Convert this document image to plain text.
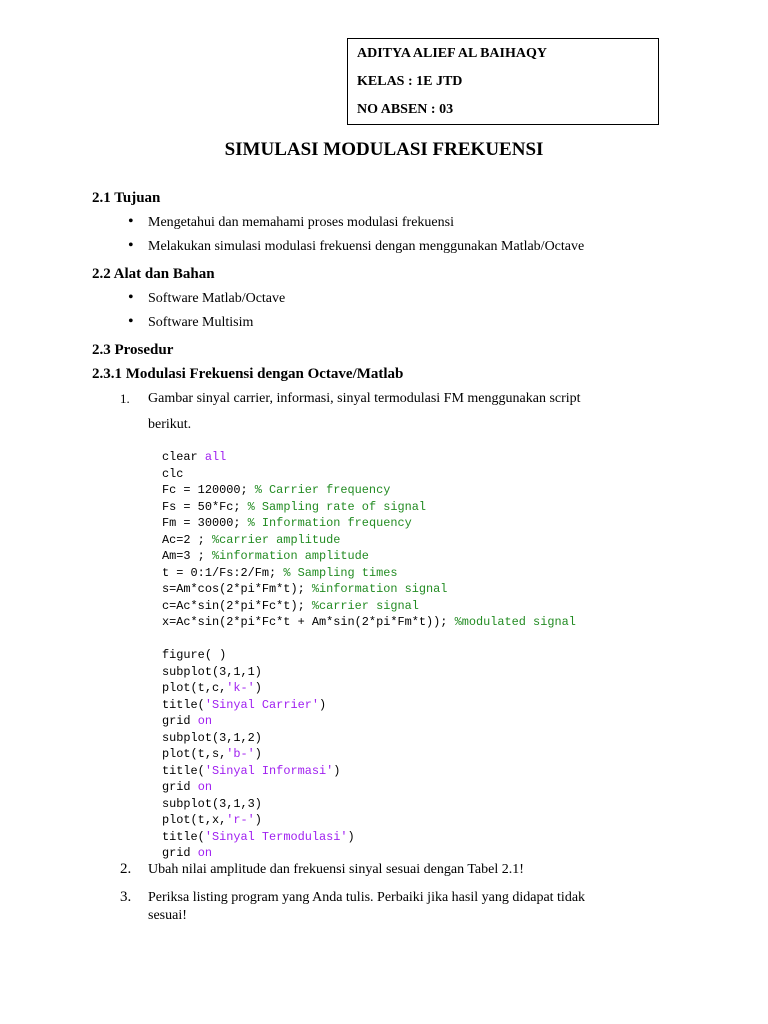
ADITYA ALIEF AL BAIHAQY
KELAS : 1E JTD
NO ABSEN : 03
SIMULASI MODULASI FREKUENSI
2.1 Tujuan
• Mengetahui dan memahami proses modulasi frekuensi
• Melakukan simulasi modulasi frekuensi dengan menggunakan Matlab/Octave
2.2 Alat dan Bahan
• Software Matlab/Octave
• Software Multisim
2.3 Prosedur
2.3.1 Modulasi Frekuensi dengan Octave/Matlab
1. Gambar sinyal carrier, informasi, sinyal termodulasi FM menggunakan script
berikut.
clear all
clc
Fc = 120000; % Carrier frequency
Fs = 50*Fc; % Sampling rate of signal
Fm = 30000; % Information frequency
Ac=2 ; %carrier amplitude
Am=3 ; %information amplitude
t = 0:1/Fs:2/Fm; % Sampling times
s=Am*cos(2*pi*Fm*t); %information signal
c=Ac*sin(2*pi*Fc*t); %carrier signal
x=Ac*sin(2*pi*Fc*t + Am*sin(2*pi*Fm*t)); %modulated signal

figure( )
subplot(3,1,1)
plot(t,c,'k-')
title('Sinyal Carrier')
grid on
subplot(3,1,2)
plot(t,s,'b-')
title('Sinyal Informasi')
grid on
subplot(3,1,3)
plot(t,x,'r-')
title('Sinyal Termodulasi')
grid on
2. Ubah nilai amplitude dan frekuensi sinyal sesuai dengan Tabel 2.1!
3. Periksa listing program yang Anda tulis. Perbaiki jika hasil yang didapat tidak
sesuai!
